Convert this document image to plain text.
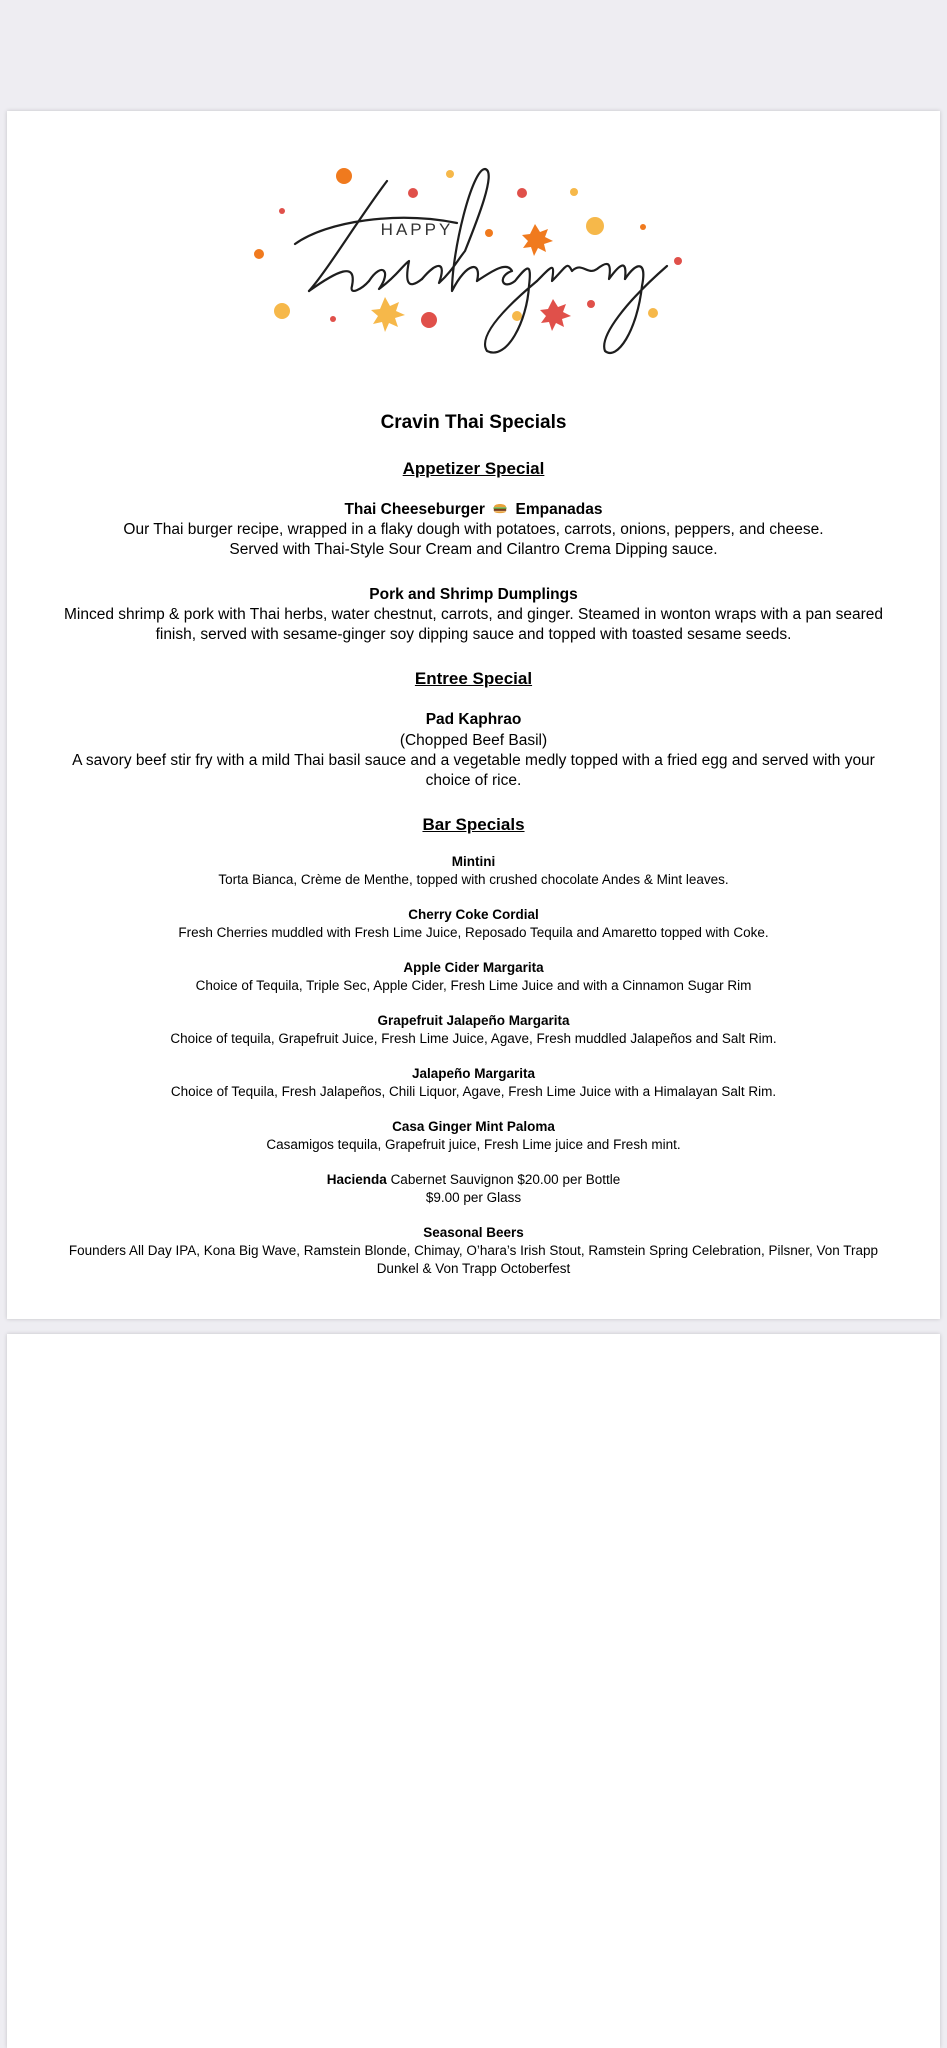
HAPPY
Cravin Thai Specials
Appetizer Special
Thai Cheeseburger Empanadas
Our Thai burger recipe, wrapped in a flaky dough with potatoes, carrots, onions, peppers, and cheese.
Served with Thai-Style Sour Cream and Cilantro Crema Dipping sauce.
Pork and Shrimp Dumplings
Minced shrimp & pork with Thai herbs, water chestnut, carrots, and ginger. Steamed in wonton wraps with a pan seared finish, served with sesame-ginger soy dipping sauce and topped with toasted sesame seeds.
Entree Special
Pad Kaphrao
(Chopped Beef Basil)
A savory beef stir fry with a mild Thai basil sauce and a vegetable medly topped with a fried egg and served with your choice of rice.
Bar Specials
Mintini
Torta Bianca, Crème de Menthe, topped with crushed chocolate Andes & Mint leaves.
Cherry Coke Cordial
Fresh Cherries muddled with Fresh Lime Juice, Reposado Tequila and Amaretto topped with Coke.
Apple Cider Margarita
Choice of Tequila, Triple Sec, Apple Cider, Fresh Lime Juice and with a Cinnamon Sugar Rim
Grapefruit Jalapeño Margarita
Choice of tequila, Grapefruit Juice, Fresh Lime Juice, Agave, Fresh muddled Jalapeños and Salt Rim.
Jalapeño Margarita
Choice of Tequila, Fresh Jalapeños, Chili Liquor, Agave, Fresh Lime Juice with a Himalayan Salt Rim.
Casa Ginger Mint Paloma
Casamigos tequila, Grapefruit juice, Fresh Lime juice and Fresh mint.
Hacienda Cabernet Sauvignon $20.00 per Bottle
$9.00 per Glass
Seasonal Beers
Founders All Day IPA, Kona Big Wave, Ramstein Blonde, Chimay, O’hara’s Irish Stout, Ramstein Spring Celebration, Pilsner, Von Trapp Dunkel & Von Trapp Octoberfest
